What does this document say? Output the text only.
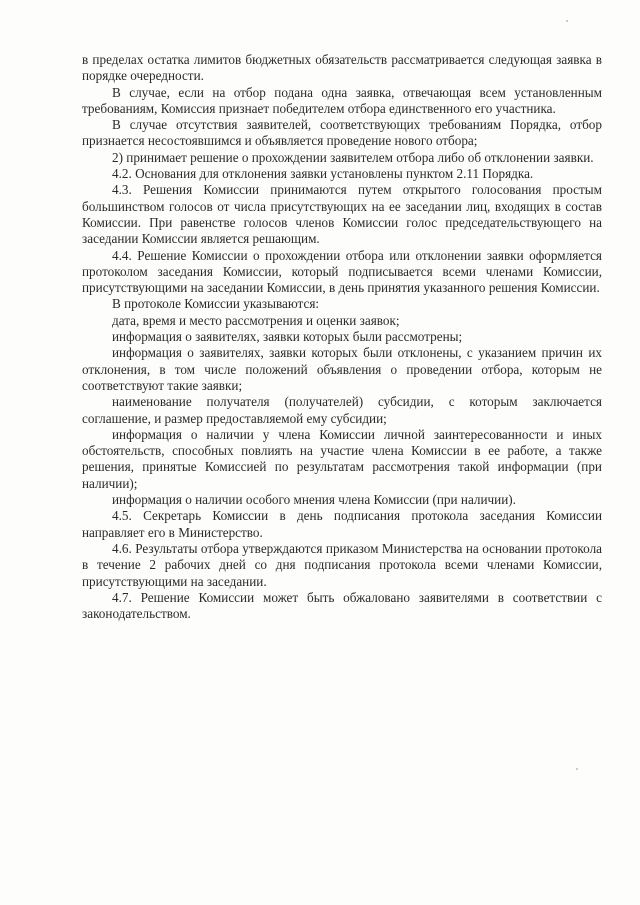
в пределах остатка лимитов бюджетных обязательств рассматривается следующая заявка в порядке очередности.

В случае, если на отбор подана одна заявка, отвечающая всем установленным требованиям, Комиссия признает победителем отбора единственного его участника.

В случае отсутствия заявителей, соответствующих требованиям Порядка, отбор признается несостоявшимся и объявляется проведение нового отбора;

2) принимает решение о прохождении заявителем отбора либо об отклонении заявки.

4.2. Основания для отклонения заявки установлены пунктом 2.11 Порядка.

4.3. Решения Комиссии принимаются путем открытого голосования простым большинством голосов от числа присутствующих на ее заседании лиц, входящих в состав Комиссии. При равенстве голосов членов Комиссии голос председательствующего на заседании Комиссии является решающим.

4.4. Решение Комиссии о прохождении отбора или отклонении заявки оформляется протоколом заседания Комиссии, который подписывается всеми членами Комиссии, присутствующими на заседании Комиссии, в день принятия указанного решения Комиссии.

В протоколе Комиссии указываются:

дата, время и место рассмотрения и оценки заявок;

информация о заявителях, заявки которых были рассмотрены;

информация о заявителях, заявки которых были отклонены, с указанием причин их отклонения, в том числе положений объявления о проведении отбора, которым не соответствуют такие заявки;

наименование получателя (получателей) субсидии, с которым заключается соглашение, и размер предоставляемой ему субсидии;

информация о наличии у члена Комиссии личной заинтересованности и иных обстоятельств, способных повлиять на участие члена Комиссии в ее работе, а также решения, принятые Комиссией по результатам рассмотрения такой информации (при наличии);

информация о наличии особого мнения члена Комиссии (при наличии).

4.5. Секретарь Комиссии в день подписания протокола заседания Комиссии направляет его в Министерство.

4.6. Результаты отбора утверждаются приказом Министерства на основании протокола в течение 2 рабочих дней со дня подписания протокола всеми членами Комиссии, присутствующими на заседании.

4.7. Решение Комиссии может быть обжаловано заявителями в соответствии с законодательством.
